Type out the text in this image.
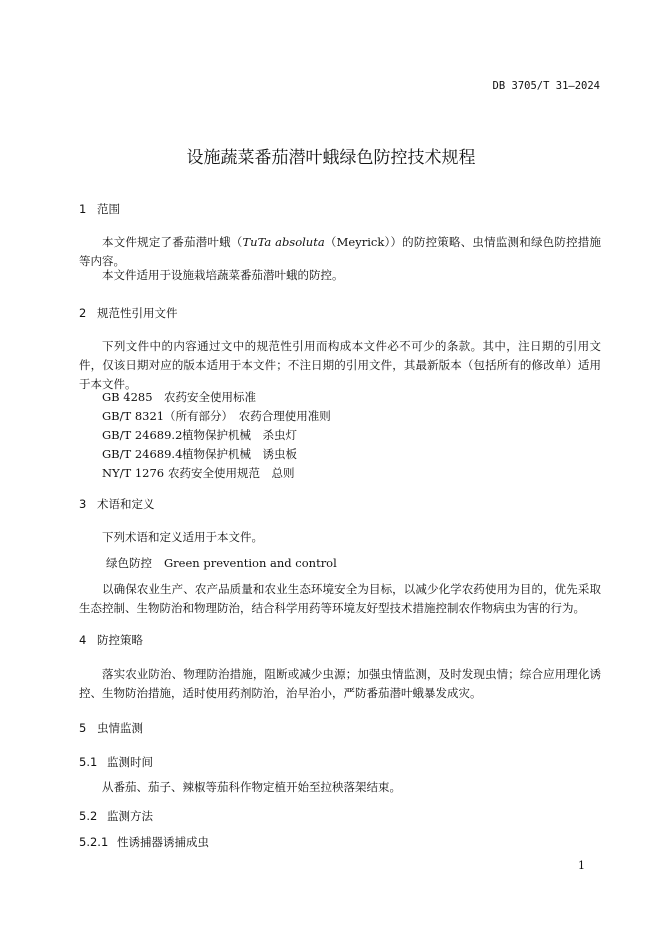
DB 3705/T 31—2024
设施蔬菜番茄潜叶蛾绿色防控技术规程
1 范围
本文件规定了番茄潜叶蛾（TuTa absoluta（Meyrick））的防控策略、虫情监测和绿色防控措施等内容。
本文件适用于设施栽培蔬菜番茄潜叶蛾的防控。
2 规范性引用文件
下列文件中的内容通过文中的规范性引用而构成本文件必不可少的条款。其中，注日期的引用文件，仅该日期对应的版本适用于本文件；不注日期的引用文件，其最新版本（包括所有的修改单）适用于本文件。
GB 4285 农药安全使用标准
GB/T 8321（所有部分）　农药合理使用准则
GB/T 24689.2植物保护机械　杀虫灯
GB/T 24689.4植物保护机械　诱虫板
NY/T 1276 农药安全使用规范　总则
3 术语和定义
下列术语和定义适用于本文件。
绿色防控 Green prevention and control
以确保农业生产、农产品质量和农业生态环境安全为目标，以减少化学农药使用为目的，优先采取生态控制、生物防治和物理防治，结合科学用药等环境友好型技术措施控制农作物病虫为害的行为。
4 防控策略
落实农业防治、物理防治措施，阻断或减少虫源；加强虫情监测，及时发现虫情；综合应用理化诱控、生物防治措施，适时使用药剂防治，治早治小，严防番茄潜叶蛾暴发成灾。
5 虫情监测
5.1 监测时间
从番茄、茄子、辣椒等茄科作物定植开始至拉秧落架结束。
5.2 监测方法
5.2.1 性诱捕器诱捕成虫
1
